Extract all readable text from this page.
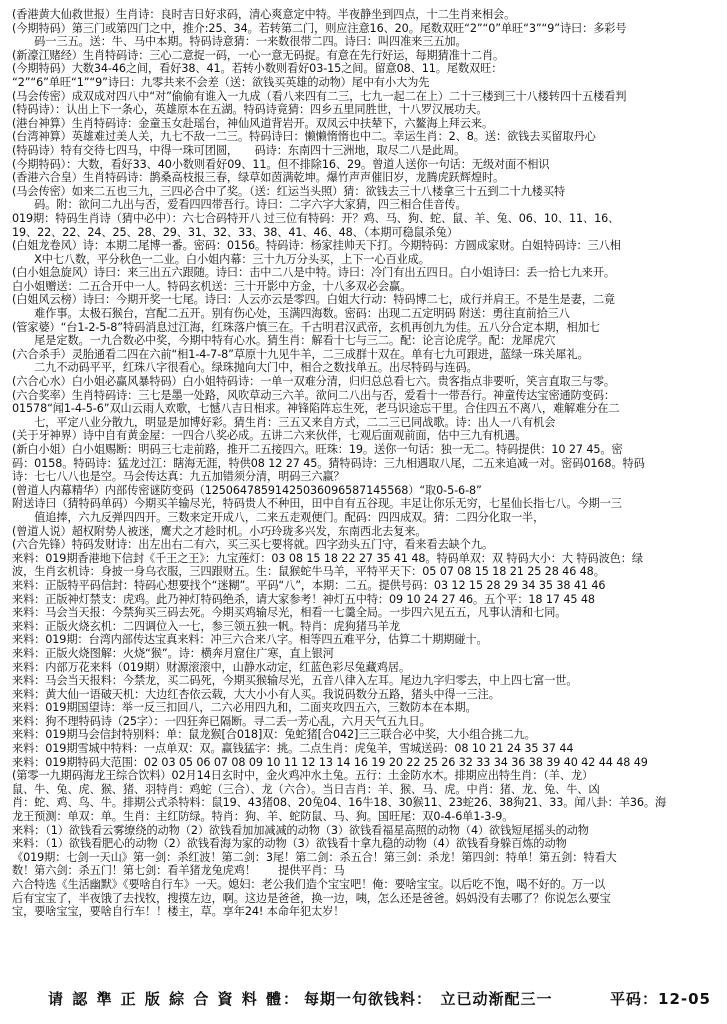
(香港黄大仙救世报）生肖诗：良时吉日好求码，清心爽意定中特。半夜静坐到四点，十二生肖来相会。
(今期特码）第三门或第四门之中，推介:25、34。若转第二门，则应注意16、20。尾数双旺“2”“0”单旺“3”“9”诗曰：多彩号
　　码一三五。送：牛、马中本期。特码诗意猜：一来数很带二四。诗曰：叫四准来三五加。
(新濠江赌经）生肖特码诗：三心二意捉一码，一心一意无码捉。有意在先行好运，每期猜准十二肖。
(今期特码）大数34-46之间，看好38、41。若转小数则看好03-15之间。留意08、11。尾数双旺：
“2”“6”单旺“1”“9”诗曰：九零共来不会差（送：欲钱买英雄的动物）尾中有小大为先
(马会传密）成双成对四八中“对”偷偷有谁入一九成（看八来四有二三，七九一起二在上）二十三楼到三十八楼转四十五楼看判
(特码诗）：认出上下一条心，英雄原本在五湖。特码诗竟猜：四乡五里同胜世，十八罗汉展功夫。
(港台神算）生肖特码诗：金童玉女赴瑶台，神仙风道背岩开。双凤云中扶辇下，六鳌海上拜云来。
(台湾神算）英雄难过美人关，九七不敌一二三。特码诗曰：懒懒惰惰也中二。幸运生肖：2、8。送：欲钱去买留取丹心
(特码诗）特有交待七四马，中得一珠可团圆，　　码诗：东南四十三洲地，取尽二八是此周。
(今期特码）：大数，看好33、40小数则看好09、11。但不排除16、29。曾道人送你一句话：无级对面不相识
(香港六合皇）生肖特码诗：鹊桑高枝报三春，绿草如茵满乾坤。爆竹声声催旧岁，龙腾虎跃辉煌时。
(马会传密）如来二五也三九，三四必合中了奖。（送：红运当头照）猜：欲钱去三十八楼拿三十五到二十九楼买特
　　码。附：欲问二九出与否，爱看四四带吾行。诗曰：二字六字大家猜，四三相合佳音传。
019期：特码生肖诗（猜中必中）：六七合码特开八 过三位有特码：开？鸡、马、狗、蛇、鼠、羊、兔、06、10、11、16、
19、22、22、24、25、28、29、31、32、33、38、41、46、48、（本期可稳鼠杀兔）
(白姐龙卷风）诗：本期二尾博一番。密码：0156。特码诗：杨家挂帅天下打。今期特码：方圆成家财。白姐特码诗：三八相
　　X中七八数，平分秋色一二业。白小姐内幕：三十九万分头买，上下一心百业成。
(白小姐急旋风）诗曰：来三出五六跟随。诗曰：击中二八是中特。诗曰：冷门有出五四日。白小姐诗曰：丢一拾七九来开。
白小姐赠送：二五合开中一人。特码玄机送：三十开影中方金，十八多双必会赢。
(白姐风云榜）诗曰：今期开奖一七尾。诗曰：人云亦云是零四。白姐大行动：特码博二七，成行并肩王。不是生是妻，二竟
　　难作事。太极石猴台，宫配二五开。别有伤心处，玉满四海数。密码：出现二五定明码 附送：勇往直前拾三八
(管家婆）“台1-2-5-8”特码消息过江海，红珠落户慎三在。千古明君汉武帝，玄机再创九为佳。五八分合定本期，相加七
　　尾是定数。一九合数必中奖，今期中特有心水。猜生肖：解看十七与三二。配：论言论虎学。配：龙犀虎穴
(六合杀手）灵胎通看二四在六前“相1-4-7-8”草原十九见牛羊，二三成群十双在。单有七九可跟进，蓝绿一珠关犀礼。
　　二九不动码平平，红珠八字很看心。绿珠抛向大门中，相合之数找单五。出尽特码与连码。
(六合心水）白小姐必赢风暴特码）白小姐特码诗：一单一双难分清，归归总总看七六。贵客指点非要听，笑言直取三与零。
(六合奖率）生肖特码诗：三七是墨一处路，风吹草动三六羊。欲问二八出与否，爱看十一带吾行。神童传达宝密通防变码：
01578“闻1-4-5-6”双山云雨人欢歌，七憾八吉日相求。神锋陷阵忘生死，老马识途忘干里。合住四五不离八，难解难分在二
　　七，平定八业分散九，明显是加博好彩。猜生肖：三五又来自方式，二二三已同战歌。诗：出人一八有机会
(关于牙神界）诗中自有黄金屋：一四合八奖必成。五讲二六来伙伴，七观后面观前面，估中三九有机遇。
(新白小姐）白小姐赐断：明码三七走前路，推开二五接四六。旺珠：19。送你一句话：独一无二。特码提供：10 27 45。密
码：0158。特码诗：猛龙过江：瞎海无涯，特供08 12 27 45。猜特码诗：三九相遇取八尾，二五来追减一对。密码0168。特码
诗：七七八八也是空。马会传达真：九五加错须分清，明码三六赢？
(曾道人内幕精华）内部传密谜防变码（12506478591425036096587145568）“取0-5-6-8”
附送诗曰（猜特码单码）今期买羊输尽光，特码贵人不种田，田中自有五谷现。丰足让你乐无穷，七星仙长指七八。今期一三
　　值追捧，六九反弹四四开。三数来定开成八，二来五走观便门。配码：四四成双。猜：二四分化取一半，
(曾道人说）超权附势人被迷，鹰犬之才趁时机。小巧玲珑多兴发，东南西北去复来。
(六合先锋）特码发财诗：出左出右二有六，买三买七要将就。四字劲头五门守，看来看去缺个九。
来料：019期香港地下信封《千王之王》：九宝莲灯：03 08 15 18 22 27 35 41 48。特码单双：双 特码大小：大 特码波色：绿
波，生肖玄机诗：身披一身乌衣服，三四跟财五。生：鼠猴蛇牛马羊，平特平天下：05 07 08 15 18 21 25 28 46 48。
来料：正版特平码信封：特码心想要找个“迷糊”。平码“八”，本期：二五。提供号码：03 12 15 28 29 34 35 38 41 46
来料：正版神灯禁支：虎鸡。此乃神灯特码绝杀，请大家参考！神灯五中特：09 10 24 27 46。五个平：18 17 45 48
来料：马会当天报：今禁狗买三码去死。今期买鸡输尽光，相看一七羹全局。一步四六见五五，凡事认清和七同。
来料：正版火烧玄机：二四调位入一七，参三领五独一帆。特肖：虎狗猪马羊龙
来料：019期：台湾内部传达宝真来料：冲三六合来八字。相等四五难平分，估算二十期期碰十。
来料：正版火烧图解：火烧“猴”。诗：横奔月窟住广寒，直上银河
来料：内部万花来料（019期）财源滚滚中，山静水动定，红蓝色彩尽兔藏鸡居。
来料：马会当天报料：今禁龙，买二码死，今期买猴输尽光，五音八律入左耳。尾边九字归零去，中上四七富一世。
来料：黄大仙一语破天机：大边红杏依云载，大大小小有人买。我说码数分五路，猪头中得一三注。
来料：019期国望诗：举一反三扣回八，二六必用四九和，二面夹攻四五六，三数防本在本期。
来料：狗不理特码诗（25字）：一四狂奔已隔断。寻二丢一芳心乱，六月天气五九日。
来料：019期马会信封特别料：单：鼠龙猴[合018]双：兔蛇猪[合042]三三联合必中奖，大小组合挑二九。
来料：019期雪城中特料：一点单双：双。赢钱猛字：挑。二点生肖：虎兔羊，雪城送码：08 10 21 24 35 37 44
来料：019期特码大范围：02 03 05 06 07 08 09 10 11 12 13 14 16 19 20 22 25 26 32 33 34 36 38 39 40 42 44 48 49
(第零一九期码海龙王综合饮料）02月14日玄时中，金火鸡冲水土兔。五行：土金防水木。排期应出特生肖：（羊、龙）
鼠、牛、兔、虎、猴、猪、羽特肖：鸡蛇（三合）、龙（六合）。当日吉肖：羊、猴、马、虎。中肖：猪、龙、兔、牛、凶
肖：蛇、鸡、鸟、牛。排期公式杀特料：鼠19、43猪08、20兔04、16牛18、30猴11、23蛇26、38狗21、33。闻八卦：羊36。海
龙王预测：单双：单。生肖：主红防绿。特肖：狗、羊、蛇防鼠、马、狗。国旺尾：双0-4-6单1-3-9。
来料：（1）欲钱看云雾缭绕的动物（2）欲钱看加加减减的动物（3）欲钱看福星高照的动物（4）欲钱短尾摇头的动物
来料：（1）欲钱看肥心的动物（2）欲钱看海为家的动物（3）欲钱看十拿九稳的动物（4）欲钱看身躲百炼的动物
《019期：七剑一天山》第一剑：杀红波！第二剑：3尾！第二剑：杀五合！第三剑：杀龙！第四剑：特单！第五剑：特看大
数！第六剑：杀五门！第七剑：看羊猪龙兔虎鸡！　　提供平肖：马
六合特选《生活幽默》《要啥自行车》一天。媳妇：老公我们造个宝宝吧！俺：要啥宝宝。以后吃不饱，喝不好的。万一以
后有宝宝了，半夜饿了去找牧，搜摸左边，啊。这边是爸爸，换一边，咦，怎么还是爸爸。妈妈没有去哪了？你说怎么要宝
宝，要啥宝宝，要啥自行车！！楼主，草。享年24! 本命年犯太岁！
请 認 準 正 版 綜 合 資 料 體： 每期一句欲钱料：　立已动渐配三一	平码：12-05
